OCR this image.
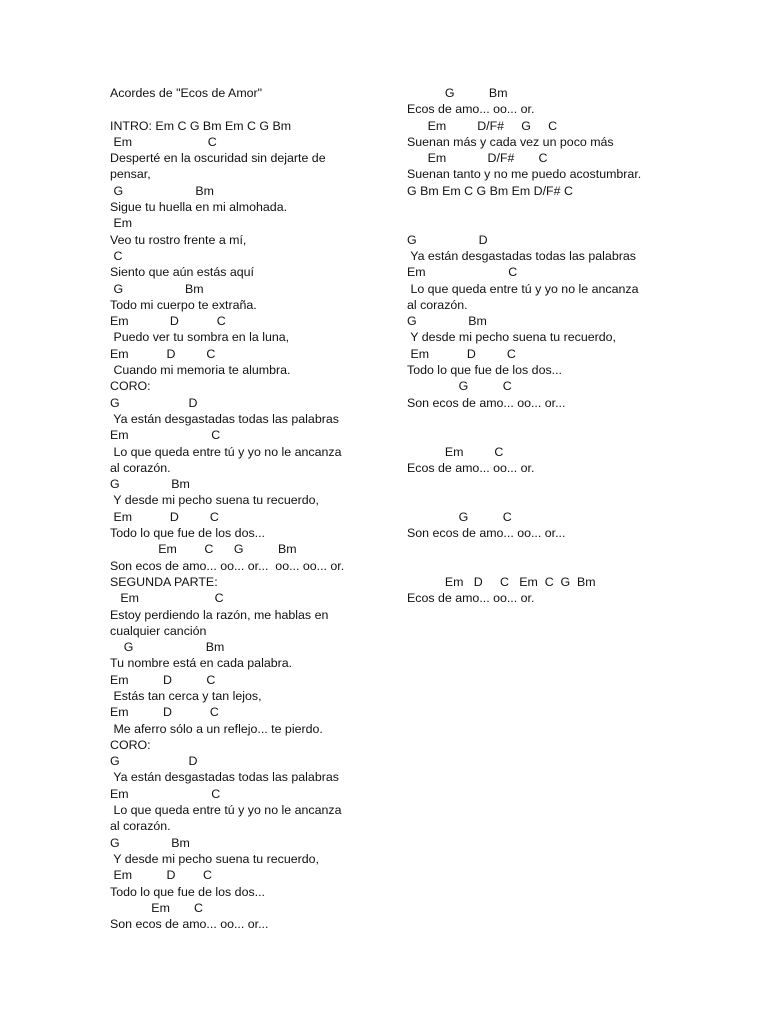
Acordes de "Ecos de Amor"
INTRO: Em C G Bm Em C G Bm
Em                      C
Desperté en la oscuridad sin dejarte de
pensar,
G                     Bm
Sigue tu huella en mi almohada.
Em
Veo tu rostro frente a mí,
C
Siento que aún estás aquí
G                  Bm
Todo mi cuerpo te extraña.
Em            D           C
Puedo ver tu sombra en la luna,
Em           D         C
Cuando mi memoria te alumbra.
CORO:
G                    D
Ya están desgastadas todas las palabras
Em                        C
Lo que queda entre tú y yo no le ancanza
al corazón.
G               Bm
Y desde mi pecho suena tu recuerdo,
Em           D         C
Todo lo que fue de los dos...
Em        C      G          Bm
Son ecos de amo... oo... or...  oo... oo... or.
SEGUNDA PARTE:
Em                      C
Estoy perdiendo la razón, me hablas en
cualquier canción
G                     Bm
Tu nombre está en cada palabra.
Em          D          C
Estás tan cerca y tan lejos,
Em          D           C
Me aferro sólo a un reflejo... te pierdo.
CORO:
G                    D
Ya están desgastadas todas las palabras
Em                        C
Lo que queda entre tú y yo no le ancanza
al corazón.
G               Bm
Y desde mi pecho suena tu recuerdo,
Em          D        C
Todo lo que fue de los dos...
Em       C
Son ecos de amo... oo... or...
G          Bm
Ecos de amo... oo... or.
Em         D/F#     G     C
Suenan más y cada vez un poco más
Em            D/F#       C
Suenan tanto y no me puedo acostumbrar.
G Bm Em C G Bm Em D/F# C
G                  D
Ya están desgastadas todas las palabras
Em                        C
Lo que queda entre tú y yo no le ancanza
al corazón.
G               Bm
Y desde mi pecho suena tu recuerdo,
Em           D         C
Todo lo que fue de los dos...
G          C
Son ecos de amo... oo... or...
Em         C
Ecos de amo... oo... or.
G          C
Son ecos de amo... oo... or...
Em   D     C   Em  C  G  Bm
Ecos de amo... oo... or.
